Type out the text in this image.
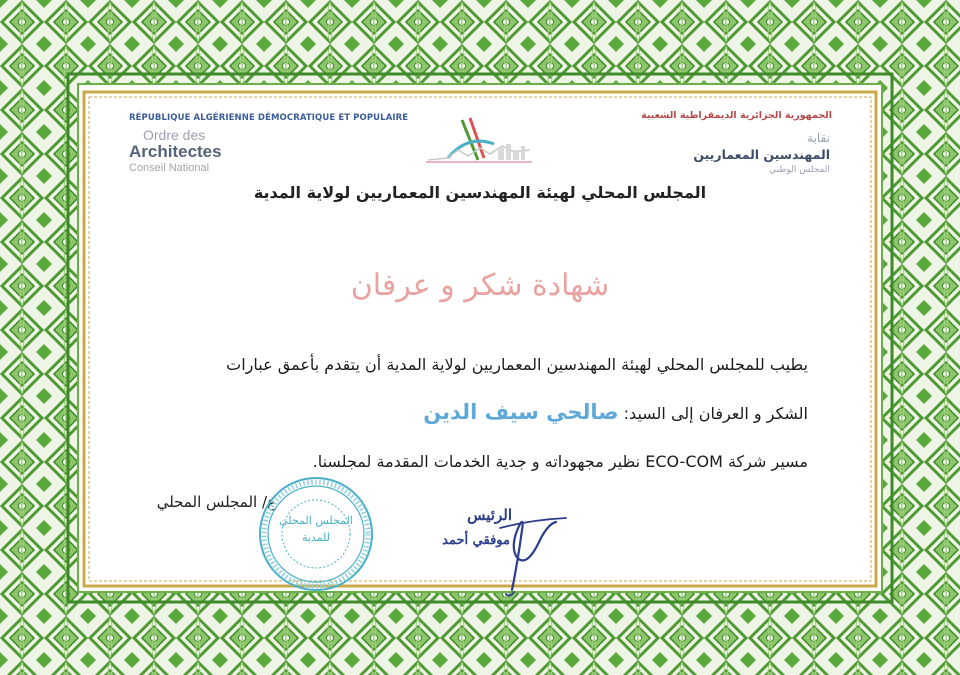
RÉPUBLIQUE ALGÉRIENNE DÉMOCRATIQUE ET POPULAIRE	الجمهورية الجزائرية الديمقراطية الشعبية
Ordre des
Architectes
Conseil National
نقابة
المهندسين المعماريين
المجلس الوطني
المجلس المحلي لهيئة المهندسين المعماريين لولاية المدية
شهادة شكر و عرفان
يطيب للمجلس المحلي لهيئة المهندسين المعماريين لولاية المدية أن يتقدم بأعمق عبارات
الشكر و العرفان إلى السيد: صالحي سيف الدين
مسير شركة ECO-COM نظير مجهوداته و جدية الخدمات المقدمة لمجلسنا.
ع/ المجلس المحلي
المجلس المحلي للمدية
الرئيس
موفقي أحمد
